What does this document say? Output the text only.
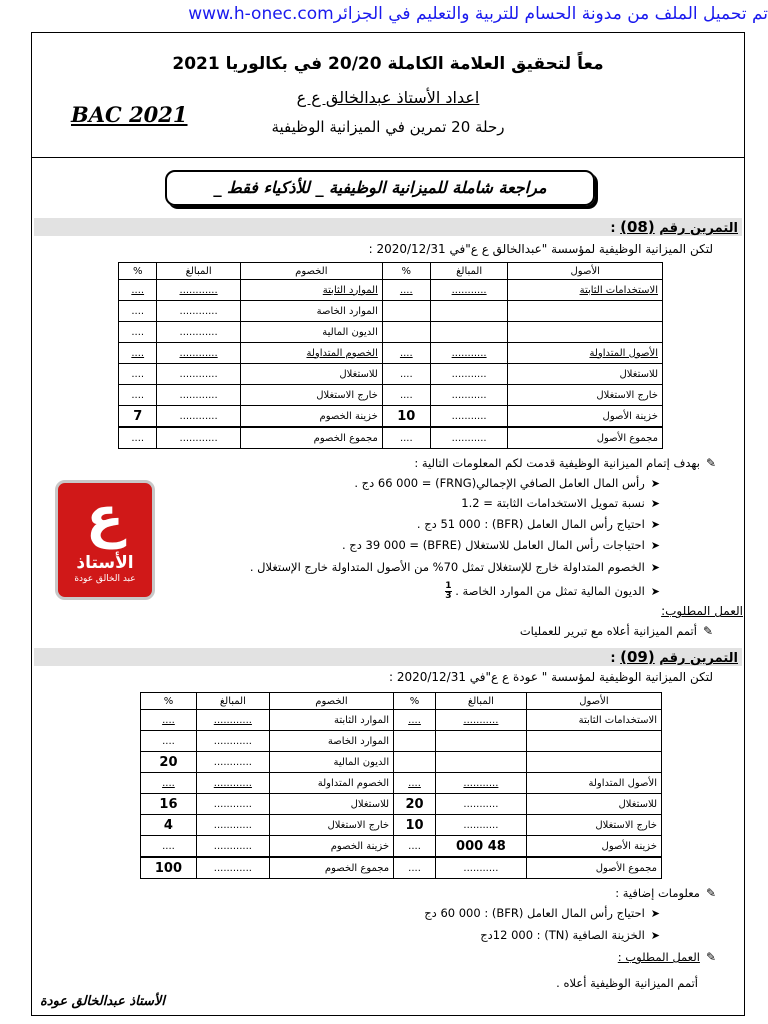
تم تحميل الملف من مدونة الحسام للتربية والتعليم في الجزائرwww.h-onec.com
معاً لتحقيق العلامة الكاملة 20/20 في بكالوريا 2021
اعداد الأستاذ عبدالخالق ع ع
رحلة 20 تمرين في الميزانية الوظيفية
BAC 2021
مراجعة شاملة للميزانية الوظيفية _ للأذكياء فقط _
التمرين رقم (08) :
لتكن الميزانية الوظيفية لمؤسسة "عبدالخالق ع ع"في 2020/12/31 :
الأصول	المبالغ	%	الخصوم	المبالغ	%
الاستخدامات الثابتة	...........	....	الموارد الثابتة	............	....
			الموارد الخاصة	............	....
			الديون المالية	............	....
الأصول المتداولة	...........	....	الخصوم المتداولة	............	....
للاستغلال	...........	....	للاستغلال	............	....
خارج الاستغلال	...........	....	خارج الاستغلال	............	....
خزينة الأصول	...........	10	خزينة الخصوم	............	7
مجموع الأصول	...........	....	مجموع الخصوم	............	....
✎بهدف إتمام الميزانية الوظيفية قدمت لكم المعلومات التالية :
➤رأس المال العامل الصافي الإجمالي(FRNG) = 66 000 دج .
➤نسبة تمويل الاستخدامات الثابتة = 1.2
➤احتياج رأس المال العامل (BFR) : 51 000 دج .
➤احتياجات رأس المال العامل للاستغلال (BFRE) = 39 000 دج .
➤الخصوم المتداولة خارج للإستغلال تمثل 70% من الأصول المتداولة خارج الإستغلال .
➤الديون المالية تمثل من الموارد الخاصة .
$\frac{1}{3}$
ع
الأستاذ
عبد الخالق عودة
العمل المطلوب:
✎أتمم الميزانية أعلاه مع تبرير للعمليات
التمرين رقم (09) :
لتكن الميزانية الوظيفية لمؤسسة " عودة ع ع"في 2020/12/31 :
الأصول	المبالغ	%	الخصوم	المبالغ	%
الاستخدامات الثابتة	...........	....	الموارد الثابتة	............	....
			الموارد الخاصة	............	....
			الديون المالية	............	20
الأصول المتداولة	...........	....	الخصوم المتداولة	............	....
للاستغلال	...........	20	للاستغلال	............	16
خارج الاستغلال	...........	10	خارج الاستغلال	............	4
خزينة الأصول	48 000	....	خزينة الخصوم	............	....
مجموع الأصول	...........	....	مجموع الخصوم	............	100
✎معلومات إضافية :
➤احتياج رأس المال العامل (BFR) : 60 000 دج
➤الخزينة الصافية (TN) : 12 000دج
✎العمل المطلوب :
أتمم الميزانية الوظيفية أعلاه .
الأستاذ عبدالخالق عودة
